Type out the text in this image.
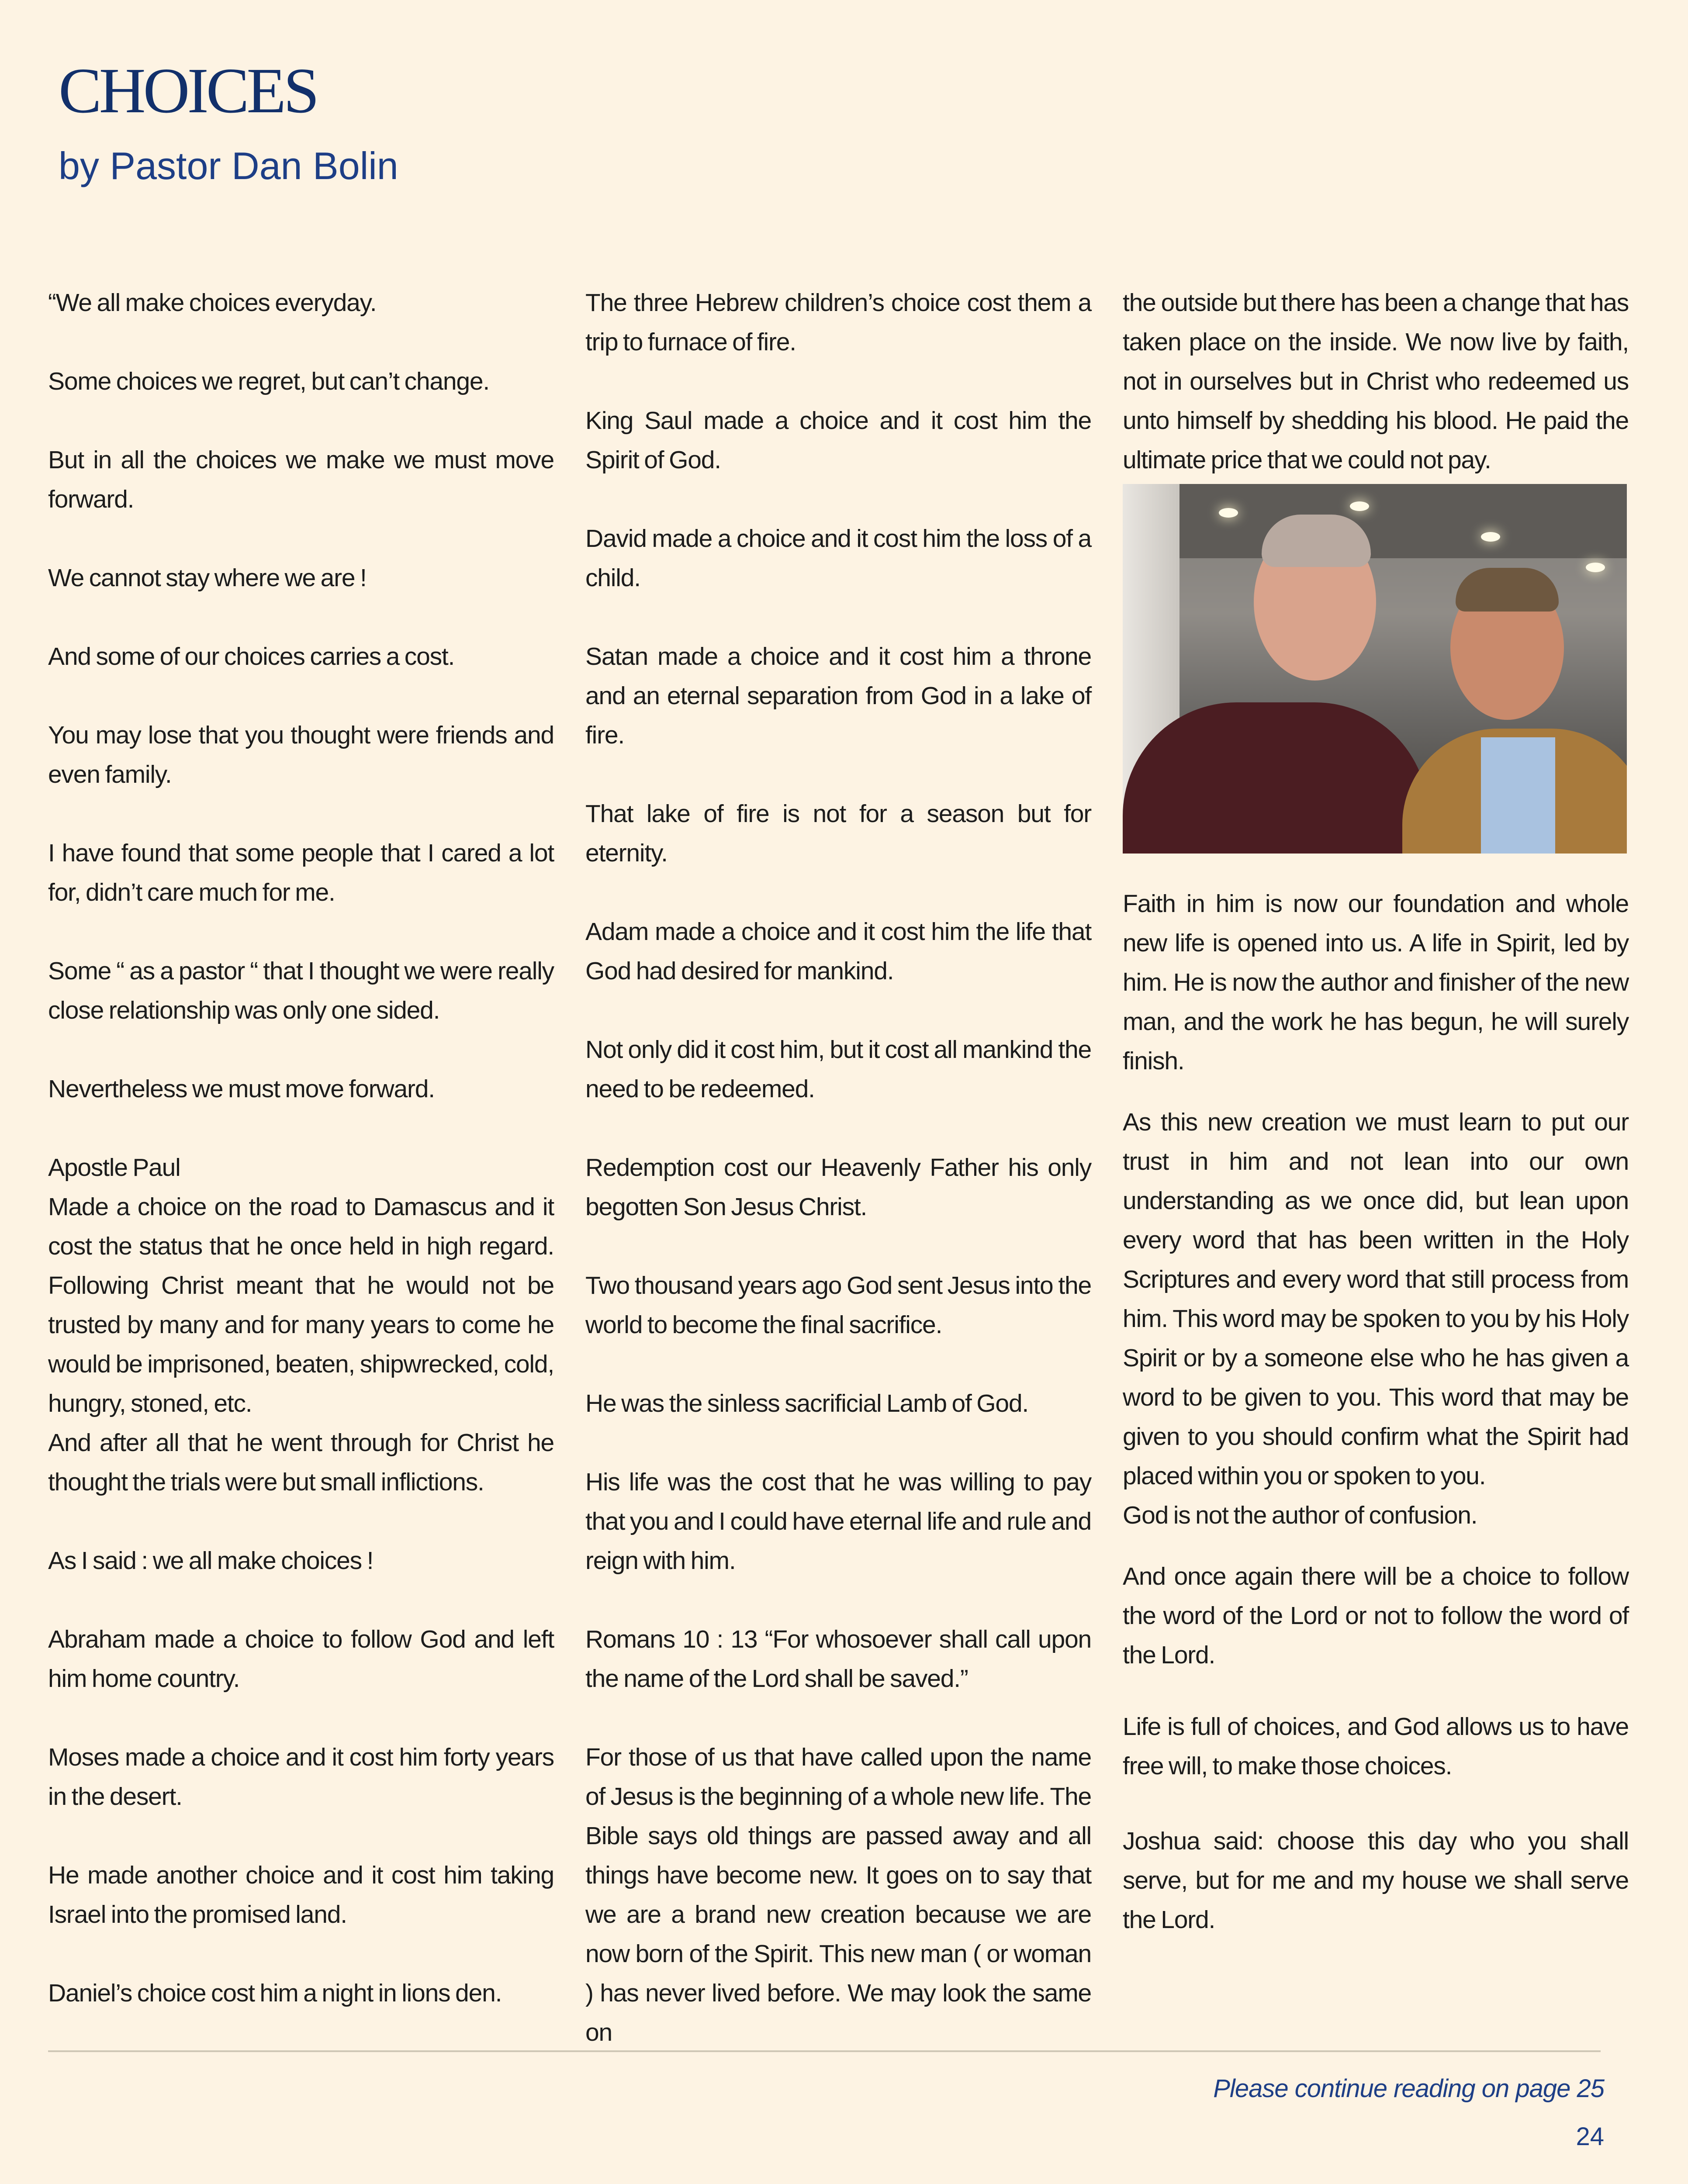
CHOICES

by Pastor Dan Bolin

“We all make choices everyday.

Some choices we regret, but can’t change.

But in all the choices we make we must move forward.

We cannot stay where we are !

And some of our choices carries a cost.

You may lose that you thought were friends and even family.

I have found that some people that I cared a lot for, didn’t care much for me.

Some “ as a pastor “ that I thought we were really close relationship was only one sided.

Nevertheless we must move forward.

Apostle Paul

Made a choice on the road to Damascus and it cost the status that he once held in high regard. Following Christ meant that he would not be trusted by many and for many years to come he would be imprisoned, beaten, shipwrecked, cold, hungry, stoned, etc.

And after all that he went through for Christ he thought the trials were but small inflictions.

As I said : we all make choices !

Abraham made a choice to follow God and left him home country.

Moses made a choice and it cost him forty years in the desert.

He made another choice and it cost him taking Israel into the promised land.

Daniel’s choice cost him a night in lions den.

The three Hebrew children’s choice cost them a trip to furnace of fire.

King Saul made a choice and it cost him the Spirit of God.

David made a choice and it cost him the loss of a child.

Satan made a choice and it cost him a throne and an eternal separation from God in a lake of fire.

That lake of fire is not for a season but for eternity.

Adam made a choice and it cost him the life that God had desired for mankind.

Not only did it cost him, but it cost all mankind the need to be redeemed.

Redemption cost our Heavenly Father his only begotten Son Jesus Christ.

Two thousand years ago God sent Jesus into the world to become the final sacrifice.

He was the sinless sacrificial Lamb of God.

His life was the cost that he was willing to pay that you and I could have eternal life and rule and reign with him.

Romans 10 : 13 “For whosoever shall call upon the name of the Lord shall be saved.”

For those of us that have called upon the name of Jesus is the beginning of a whole new life. The Bible says old things are passed away and all things have become new. It goes on to say that we are a brand new creation because we are now born of the Spirit. This new man ( or woman ) has never lived before. We may look the same on

the outside but there has been a change that has taken place on the inside. We now live by faith, not in ourselves but in Christ who redeemed us unto himself by shedding his blood. He paid the ultimate price that we could not pay.

Faith in him is now our foundation and whole new life is opened into us. A life in Spirit, led by him. He is now the author and finisher of the new man, and the work he has begun, he will surely finish.

As this new creation we must learn to put our trust in him and not lean into our own understanding as we once did, but lean upon every word that has been written in the Holy Scriptures and every word that still process from him. This word may be spoken to you by his Holy Spirit or by a someone else who he has given a word to be given to you. This word that may be given to you should confirm what the Spirit had placed within you or spoken to you.

God is not the author of confusion.

And once again there will be a choice to follow the word of the Lord or not to follow the word of the Lord.

Life is full of choices, and God allows us to have free will, to make those choices.

Joshua said: choose this day who you shall serve, but for me and my house we shall serve the Lord.

Please continue reading on page 25

24
